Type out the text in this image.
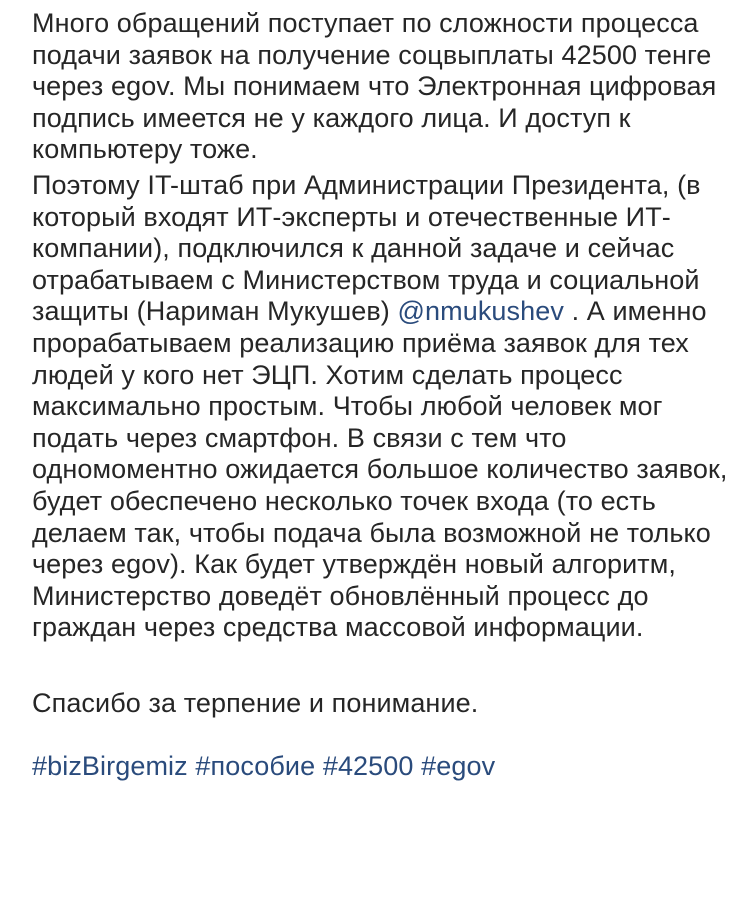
Много обращений поступает по сложности процесса подачи заявок на получение соцвыплаты 42500 тенге через egov. Мы понимаем что Электронная цифровая подпись имеется не у каждого лица. И доступ к компьютеру тоже.

Поэтому IT-штаб при Администрации Президента, (в который входят ИТ-эксперты и отечественные ИТ-компании), подключился к данной задаче и сейчас отрабатываем с Министерством труда и социальной защиты (Нариман Мукушев) @nmukushev . А именно прорабатываем реализацию приёма заявок для тех людей у кого нет ЭЦП. Хотим сделать процесс максимально простым. Чтобы любой человек мог подать через смартфон. В связи с тем что одномоментно ожидается большое количество заявок, будет обеспечено несколько точек входа (то есть делаем так, чтобы подача была возможной не только через egov). Как будет утверждён новый алгоритм, Министерство доведёт обновлённый процесс до граждан через средства массовой информации.

Спасибо за терпение и понимание.

#bizBirgemiz #пособие #42500 #egov
